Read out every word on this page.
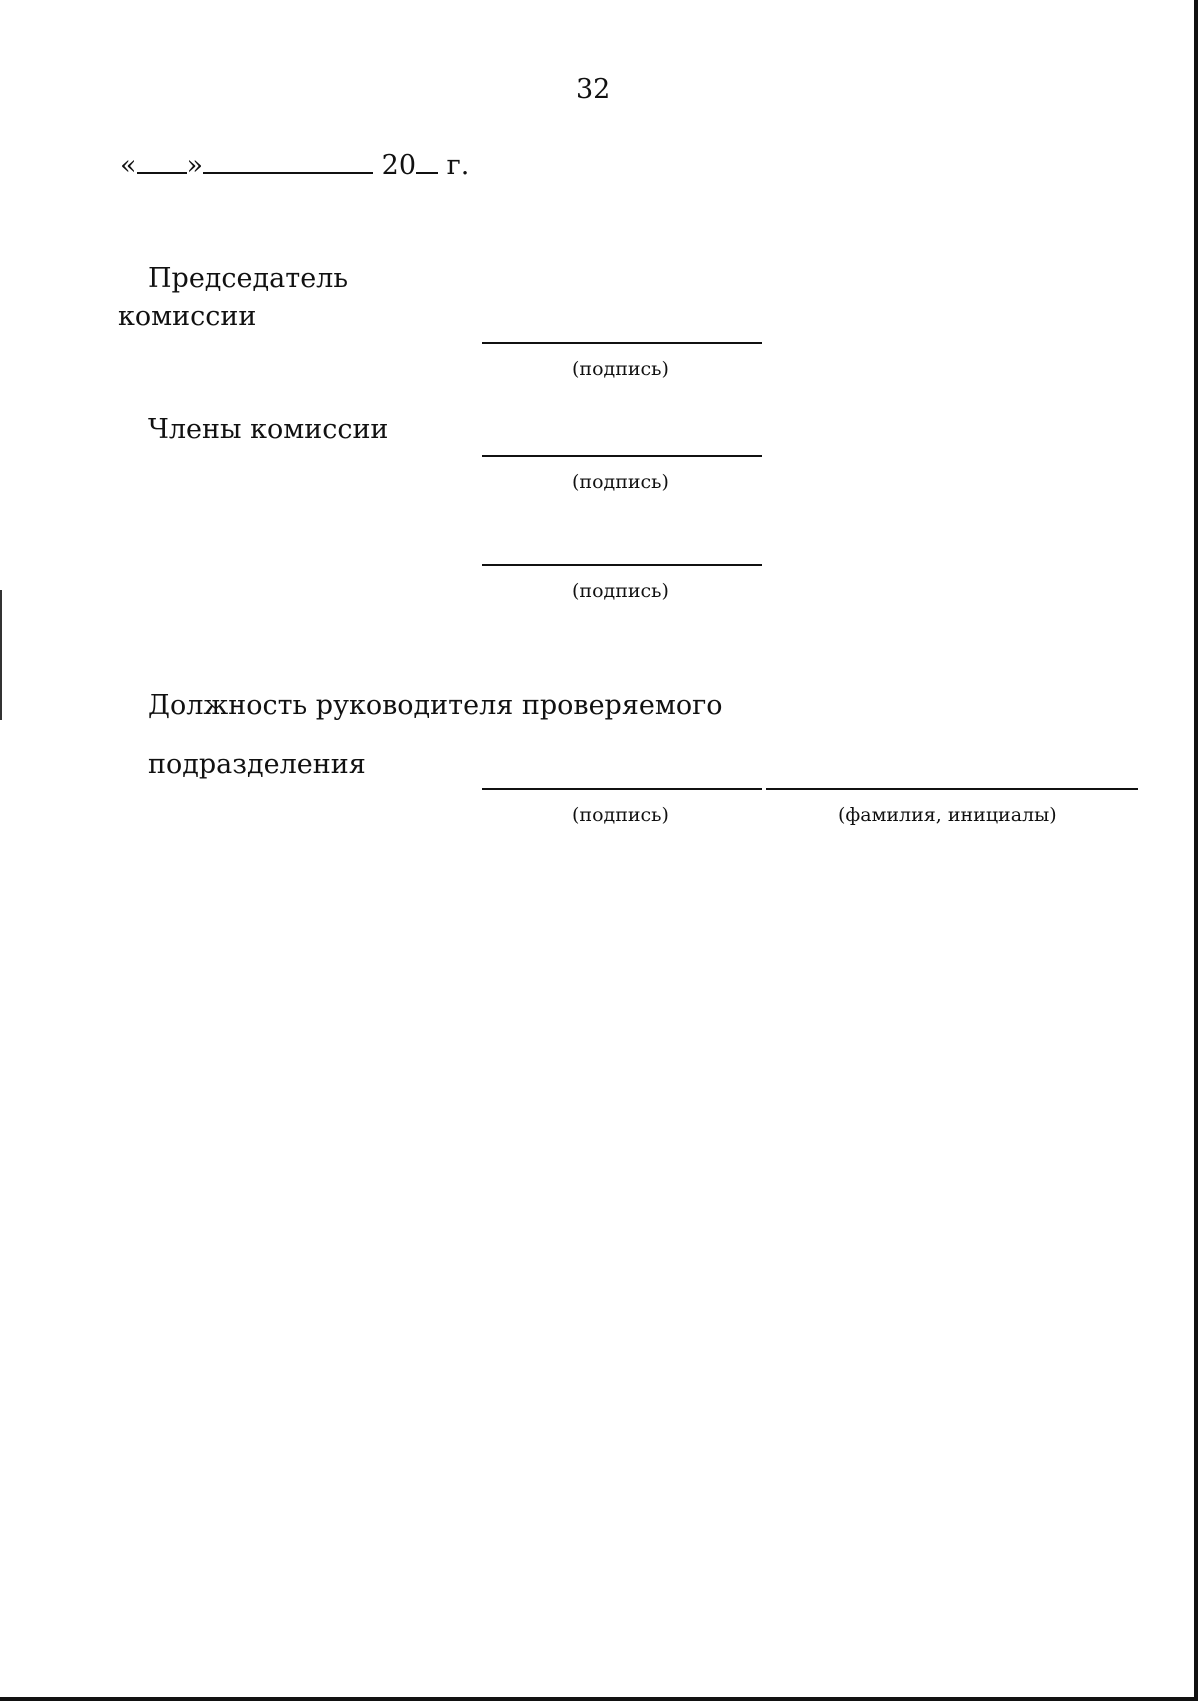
32
« »	20 г.
Председатель
комиссии
(подпись)
Члены комиссии
(подпись)
(подпись)
Должность руководителя проверяемого
подразделения
(подпись)	(фамилия, инициалы)
